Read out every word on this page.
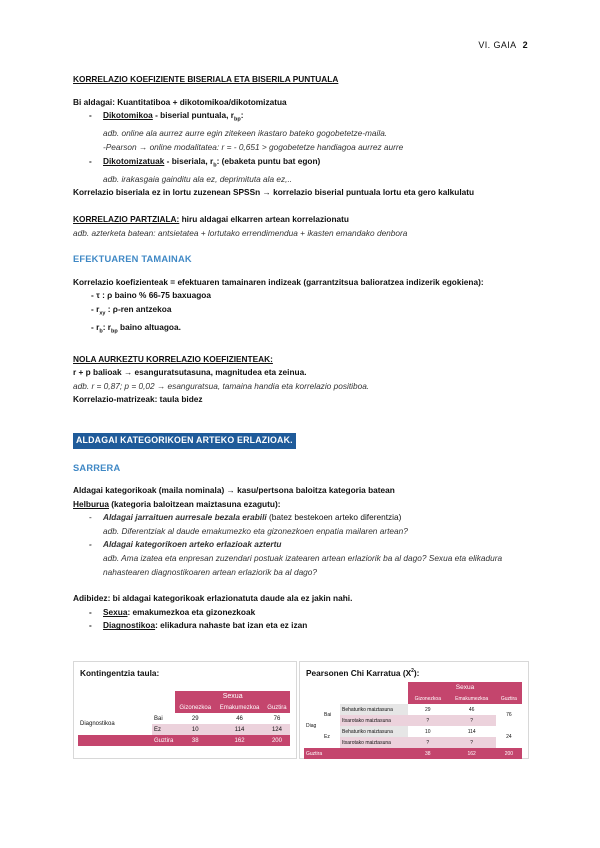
VI. GAIA 2

KORRELAZIO KOEFIZIENTE BISERIALA ETA BISERILA PUNTUALA

Bi aldagai: Kuantitatiboa + dikotomikoa/dikotomizatua

- Dikotomikoa - biserial puntuala, $r_{bp}$:

adb. online ala aurrez aurre egin zitekeen ikastaro bateko gogobetetze-maila.

-Pearson → online modalitatea: r = - 0,651 > gogobetetze handiagoa aurrez aurre

- Dikotomizatuak - biseriala, $r_b$: (ebaketa puntu bat egon)

adb. irakasgaia gainditu ala ez, deprimituta ala ez,..

Korrelazio biseriala ez in lortu zuzenean SPSSn → korrelazio biserial puntuala lortu eta gero kalkulatu

KORRELAZIO PARTZIALA: hiru aldagai elkarren artean korrelazionatu

adb. azterketa batean: antsietatea + lortutako errendimendua + ikasten emandako denbora

EFEKTUAREN TAMAINAK

Korrelazio koefizienteak = efektuaren tamainaren indizeak (garrantzitsua balioratzea indizerik egokiena):

- τ : ρ baino % 66-75 baxuagoa

- $r_{xy}$ : ρ-ren antzekoa

- $r_b$: $r_{bp}$ baino altuagoa.

NOLA AURKEZTU KORRELAZIO KOEFIZIENTEAK:

r + p balioak → esanguratsutasuna, magnitudea eta zeinua.

adb. r = 0,87; p = 0,02 → esanguratsua, tamaina handia eta korrelazio positiboa.

Korrelazio-matrizeak: taula bidez

ALDAGAI KATEGORIKOEN ARTEKO ERLAZIOAK.

SARRERA

Aldagai kategorikoak (maila nominala) → kasu/pertsona baloitza kategoria batean

Helburua (kategoria baloitzean maiztasuna ezagutu):

- Aldagai jarraituen aurresale bezala erabili (batez bestekoen arteko diferentzia)

adb. Diferentziak al daude emakumezko eta gizonezkoen enpatia mailaren artean?

- Aldagai kategorikoen arteko erlazioak aztertu

adb. Ama izatea eta enpresan zuzendari postuak izatearen artean erlaziorik ba al dago? Sexua eta elikadura nahastearen diagnostikoaren artean erlaziorik ba al dago?

Adibidez: bi aldagai kategorikoak erlazionatuta daude ala ez jakin nahi.

- Sexua: emakumezkoa eta gizonezkoak

- Diagnostikoa: elikadura nahaste bat izan eta ez izan

Kontingentzia taula:

		Sexua		
		Gizonezkoa	Emakumezkoa	Guztira
Diagnostikoa	Bai	29	46	76
	Ez	10	114	124
	Guztira	38	162	200

Pearsonen Chi Karratua $(X^2)$:

			Sexua		
			Gizonezkoa	Emakumezkoa	Guztira
Diag	Bai	Behaturiko maiztasuna	29	46	76
		Itxarotako maiztasuna	?	?	
	Ez	Behaturiko maiztasuna	10	114	24
		Itxarotako maiztasuna	?	?	
Guztira			38	162	200
